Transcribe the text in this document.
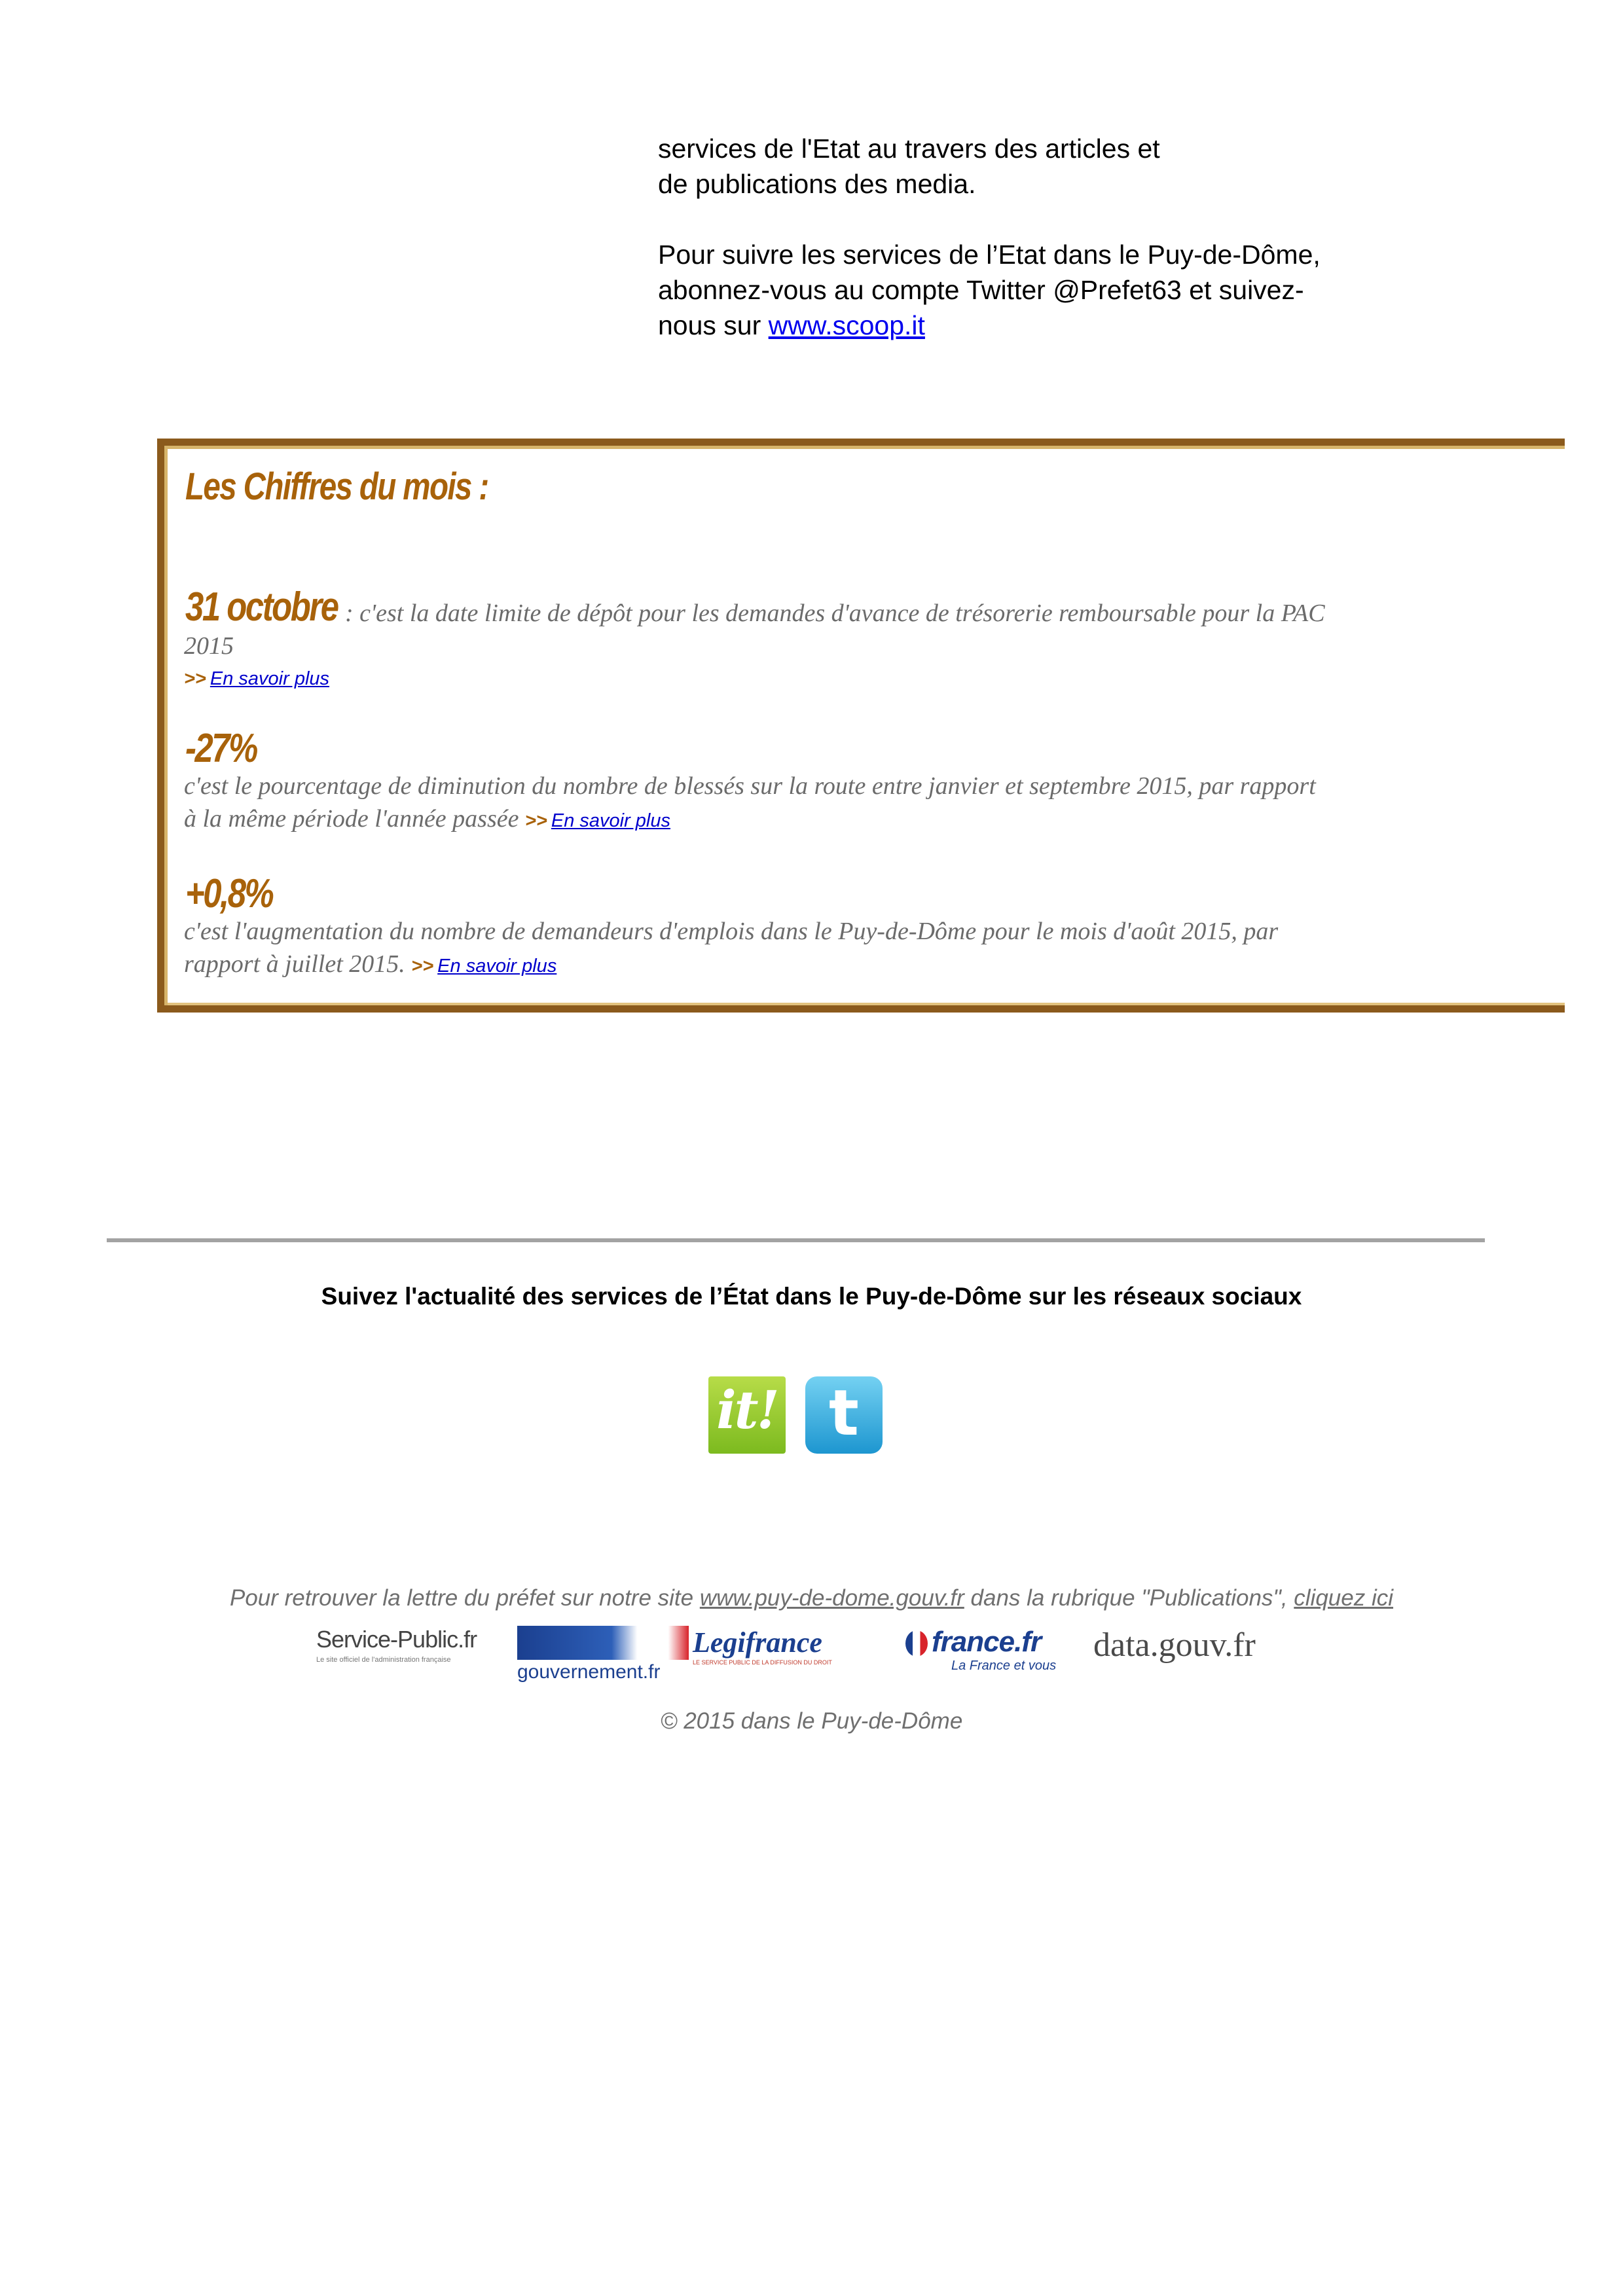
services de l'Etat au travers des articles et

de publications des media.

Pour suivre les services de l’Etat dans le Puy-de-Dôme,

abonnez-vous au compte Twitter @Prefet63 et suivez-

nous sur www.scoop.it

Les Chiffres du mois :
31 octobre : c'est la date limite de dépôt pour les demandes d'avance de trésorerie remboursable pour la PAC
2015
>> En savoir plus
-27%
c'est le pourcentage de diminution du nombre de blessés sur la route entre janvier et septembre 2015, par rapport
à la même période l'année passée >> En savoir plus
+0,8%
c'est l'augmentation du nombre de demandeurs d'emplois dans le Puy-de-Dôme pour le mois d'août 2015, par
rapport à juillet 2015. >> En savoir plus
Suivez l'actualité des services de l’État dans le Puy-de-Dôme sur les réseaux sociaux
it! t
Pour retrouver la lettre du préfet sur notre site www.puy-de-dome.gouv.fr dans la rubrique "Publications", cliquez ici
Service-Public.fr
Le site officiel de l'administration française
gouvernement.fr
Legifrance
LE SERVICE PUBLIC DE LA DIFFUSION DU DROIT
france.fr
La France et vous
data.gouv.fr
© 2015 dans le Puy-de-Dôme
